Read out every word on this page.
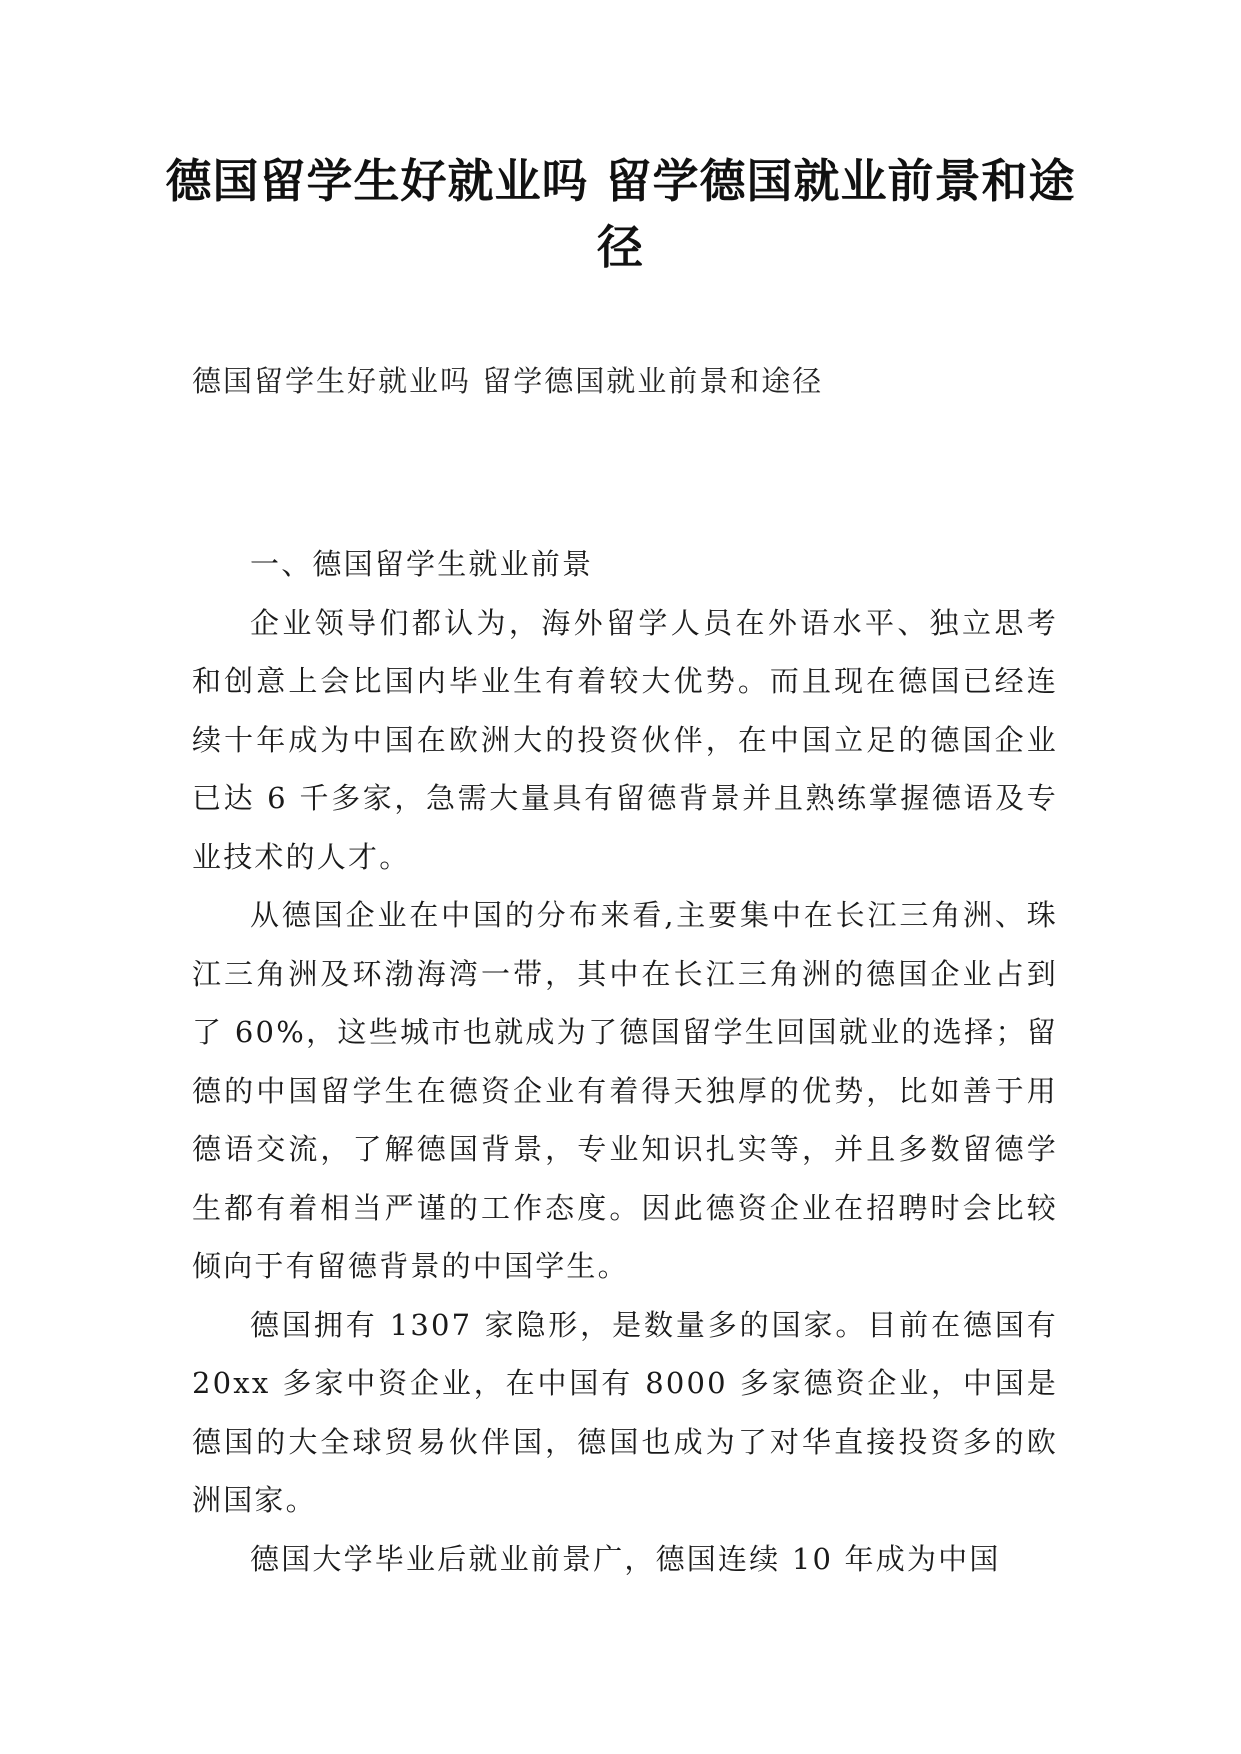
德国留学生好就业吗 留学德国就业前景和途径

德国留学生好就业吗 留学德国就业前景和途径

一、德国留学生就业前景

企业领导们都认为，海外留学人员在外语水平、独立思考和创意上会比国内毕业生有着较大优势。而且现在德国已经连续十年成为中国在欧洲大的投资伙伴，在中国立足的德国企业已达 6 千多家，急需大量具有留德背景并且熟练掌握德语及专业技术的人才。

从德国企业在中国的分布来看,主要集中在长江三角洲、珠江三角洲及环渤海湾一带，其中在长江三角洲的德国企业占到了 60%，这些城市也就成为了德国留学生回国就业的选择；留德的中国留学生在德资企业有着得天独厚的优势，比如善于用德语交流，了解德国背景，专业知识扎实等，并且多数留德学生都有着相当严谨的工作态度。因此德资企业在招聘时会比较倾向于有留德背景的中国学生。

德国拥有 1307 家隐形，是数量多的国家。目前在德国有 20xx 多家中资企业，在中国有 8000 多家德资企业，中国是德国的大全球贸易伙伴国，德国也成为了对华直接投资多的欧洲国家。

德国大学毕业后就业前景广，德国连续 10 年成为中国
